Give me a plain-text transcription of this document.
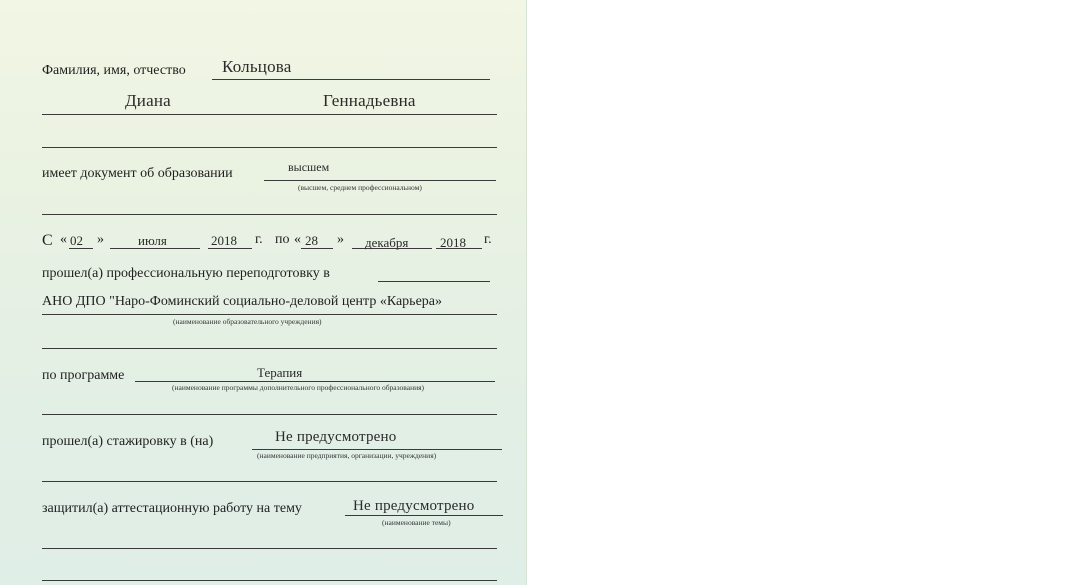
Фамилия, имя, отчество Кольцова
Диана	Геннадьевна
имеет документ об образовании	высшем
(высшем, среднем профессиональном)
С « 02 »	июля	2018 г. по « 28 » декабря 2018 г.
прошел(а) профессиональную переподготовку в
АНО ДПО "Наро-Фоминский социально-деловой центр «Карьера»
(наименование образовательного учреждения)
по программе	Терапия
(наименование программы дополнительного профессионального образования)
прошел(а) стажировку в (на)	Не предусмотрено
(наименование предприятия, организации, учреждения)
защитил(а) аттестационную работу на тему	Не предусмотрено
(наименование темы)
